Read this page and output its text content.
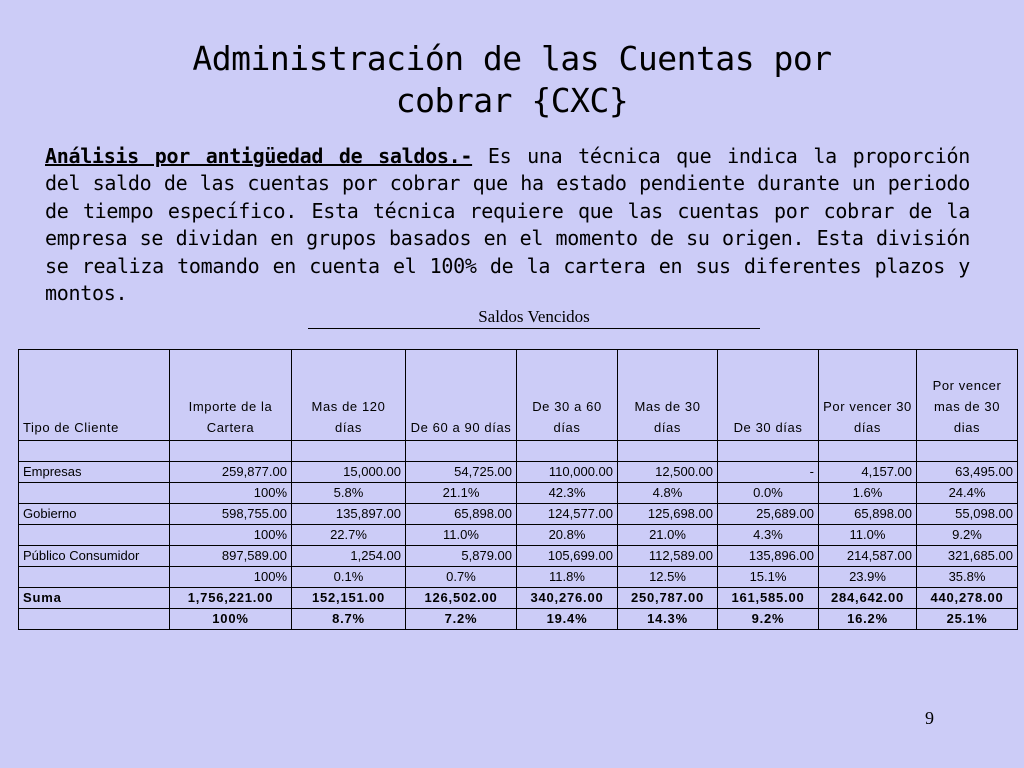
Administración de las Cuentas por
cobrar {CXC}
Análisis por antigüedad de saldos.- Es una técnica que indica la proporción del saldo de las cuentas por cobrar que ha estado pendiente durante un periodo de tiempo específico. Esta técnica requiere que las cuentas por cobrar de la empresa se dividan en grupos basados en el momento de su origen. Esta división se realiza tomando en cuenta el 100% de la cartera en sus diferentes plazos y montos.
Saldos Vencidos
Tipo de Cliente	Importe de la Cartera	Mas de 120 días	De 60 a 90 días	De 30 a 60 días	Mas de 30 días	De 30 días	Por vencer 30 días	Por vencer mas de 30 dias

Empresas	259,877.00	15,000.00	54,725.00	110,000.00	12,500.00	-	4,157.00	63,495.00
	100%	5.8%	21.1%	42.3%	4.8%	0.0%	1.6%	24.4%
Gobierno	598,755.00	135,897.00	65,898.00	124,577.00	125,698.00	25,689.00	65,898.00	55,098.00
	100%	22.7%	11.0%	20.8%	21.0%	4.3%	11.0%	9.2%
Público Consumidor	897,589.00	1,254.00	5,879.00	105,699.00	112,589.00	135,896.00	214,587.00	321,685.00
	100%	0.1%	0.7%	11.8%	12.5%	15.1%	23.9%	35.8%
Suma	1,756,221.00	152,151.00	126,502.00	340,276.00	250,787.00	161,585.00	284,642.00	440,278.00
	100%	8.7%	7.2%	19.4%	14.3%	9.2%	16.2%	25.1%
9
